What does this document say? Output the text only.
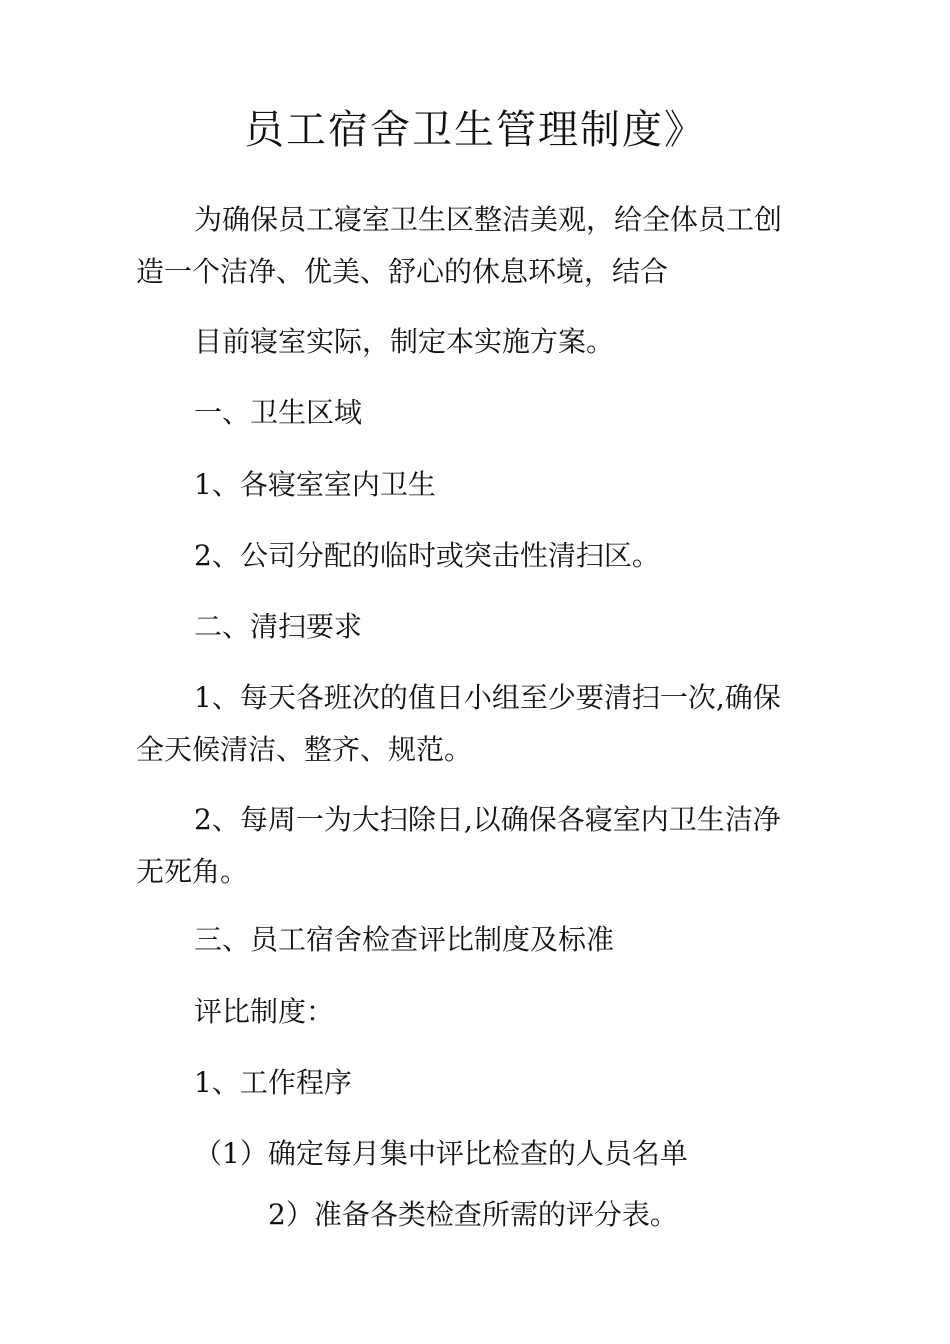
员工宿舍卫生管理制度》
为确保员工寝室卫生区整洁美观，给全体员工创
造一个洁净、优美、舒心的休息环境，结合
目前寝室实际，制定本实施方案。
一、卫生区域
1、各寝室室内卫生
2、公司分配的临时或突击性清扫区。
二、清扫要求
1、每天各班次的值日小组至少要清扫一次,确保
全天候清洁、整齐、规范。
2、每周一为大扫除日,以确保各寝室内卫生洁净
无死角。
三、员工宿舍检查评比制度及标准
评比制度：
1、工作程序
（1）确定每月集中评比检查的人员名单
2）准备各类检查所需的评分表。
